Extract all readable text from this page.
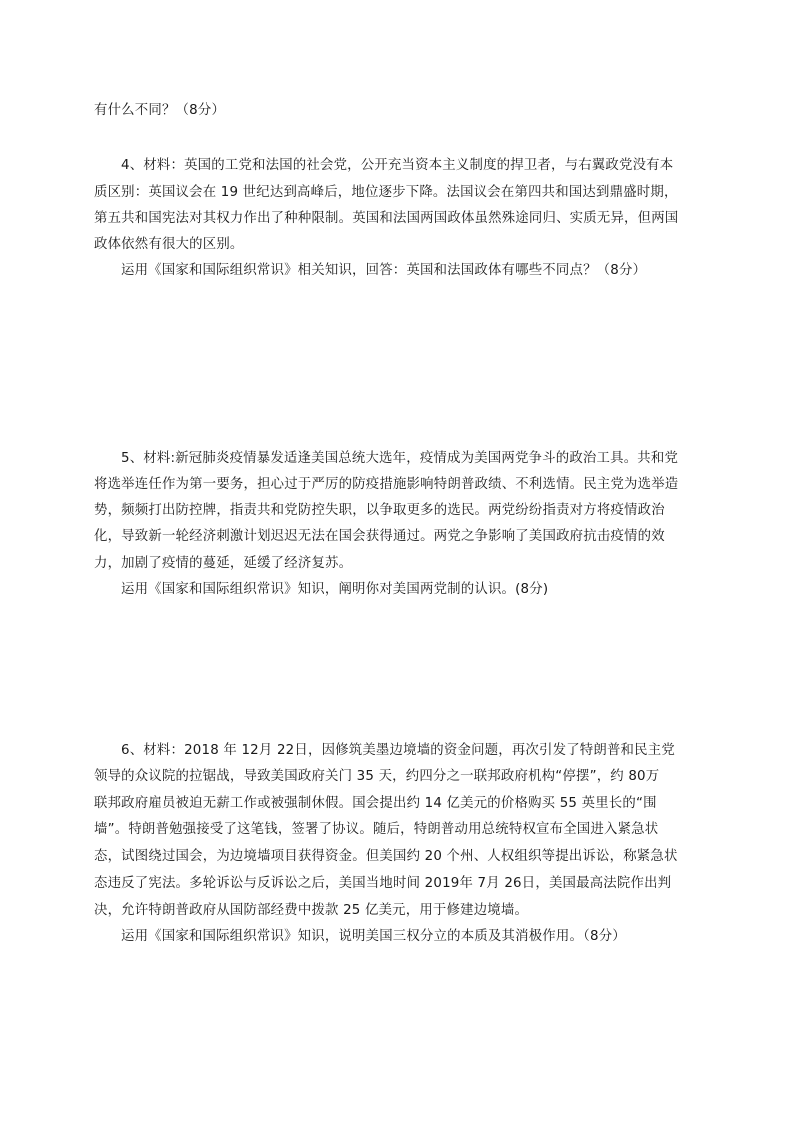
有什么不同？（8分）
4、材料：英国的工党和法国的社会党，公开充当资本主义制度的捍卫者，与右翼政党没有本
质区别：英国议会在 19 世纪达到高峰后，地位逐步下降。法国议会在第四共和国达到鼎盛时期，
第五共和国宪法对其权力作出了种种限制。英国和法国两国政体虽然殊途同归、实质无异，但两国
政体依然有很大的区别。
运用《国家和国际组织常识》相关知识，回答：英国和法国政体有哪些不同点？（8分）
5、材料:新冠肺炎疫情暴发适逢美国总统大选年，疫情成为美国两党争斗的政治工具。共和党
将选举连任作为第一要务，担心过于严厉的防疫措施影响特朗普政绩、不利选情。民主党为选举造
势，频频打出防控牌，指责共和党防控失职，以争取更多的选民。两党纷纷指责对方将疫情政治
化，导致新一轮经济刺激计划迟迟无法在国会获得通过。两党之争影响了美国政府抗击疫情的效
力，加剧了疫情的蔓延，延缓了经济复苏。
运用《国家和国际组织常识》知识，阐明你对美国两党制的认识。(8分)
6、材料：2018 年 12月 22日，因修筑美墨边境墙的资金问题，再次引发了特朗普和民主党
领导的众议院的拉锯战，导致美国政府关门 35 天，约四分之一联邦政府机构“停摆”，约 80万
联邦政府雇员被迫无薪工作或被强制休假。国会提出约 14 亿美元的价格购买 55 英里长的“围
墙”。特朗普勉强接受了这笔钱，签署了协议。随后，特朗普动用总统特权宣布全国进入紧急状
态，试图绕过国会，为边境墙项目获得资金。但美国约 20 个州、人权组织等提出诉讼，称紧急状
态违反了宪法。多轮诉讼与反诉讼之后，美国当地时间 2019年 7月 26日，美国最高法院作出判
决，允许特朗普政府从国防部经费中拨款 25 亿美元，用于修建边境墙。
运用《国家和国际组织常识》知识，说明美国三权分立的本质及其消极作用。（8分）
